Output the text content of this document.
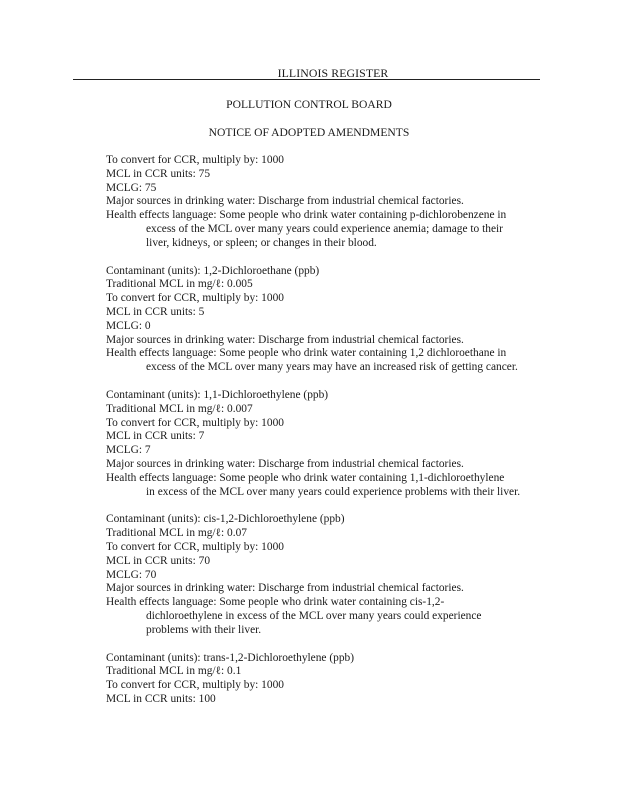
ILLINOIS REGISTER
POLLUTION CONTROL BOARD
NOTICE OF ADOPTED AMENDMENTS
To convert for CCR, multiply by: 1000
MCL in CCR units: 75
MCLG: 75
Major sources in drinking water: Discharge from industrial chemical factories.
Health effects language: Some people who drink water containing p-dichlorobenzene in
excess of the MCL over many years could experience anemia; damage to their
liver, kidneys, or spleen; or changes in their blood.
Contaminant (units): 1,2-Dichloroethane (ppb)
Traditional MCL in mg/ℓ: 0.005
To convert for CCR, multiply by: 1000
MCL in CCR units: 5
MCLG: 0
Major sources in drinking water: Discharge from industrial chemical factories.
Health effects language: Some people who drink water containing 1,2 dichloroethane in
excess of the MCL over many years may have an increased risk of getting cancer.
Contaminant (units): 1,1-Dichloroethylene (ppb)
Traditional MCL in mg/ℓ: 0.007
To convert for CCR, multiply by: 1000
MCL in CCR units: 7
MCLG: 7
Major sources in drinking water: Discharge from industrial chemical factories.
Health effects language: Some people who drink water containing 1,1-dichloroethylene
in excess of the MCL over many years could experience problems with their liver.
Contaminant (units): cis-1,2-Dichloroethylene (ppb)
Traditional MCL in mg/ℓ: 0.07
To convert for CCR, multiply by: 1000
MCL in CCR units: 70
MCLG: 70
Major sources in drinking water: Discharge from industrial chemical factories.
Health effects language: Some people who drink water containing cis-1,2-
dichloroethylene in excess of the MCL over many years could experience
problems with their liver.
Contaminant (units): trans-1,2-Dichloroethylene (ppb)
Traditional MCL in mg/ℓ: 0.1
To convert for CCR, multiply by: 1000
MCL in CCR units: 100
